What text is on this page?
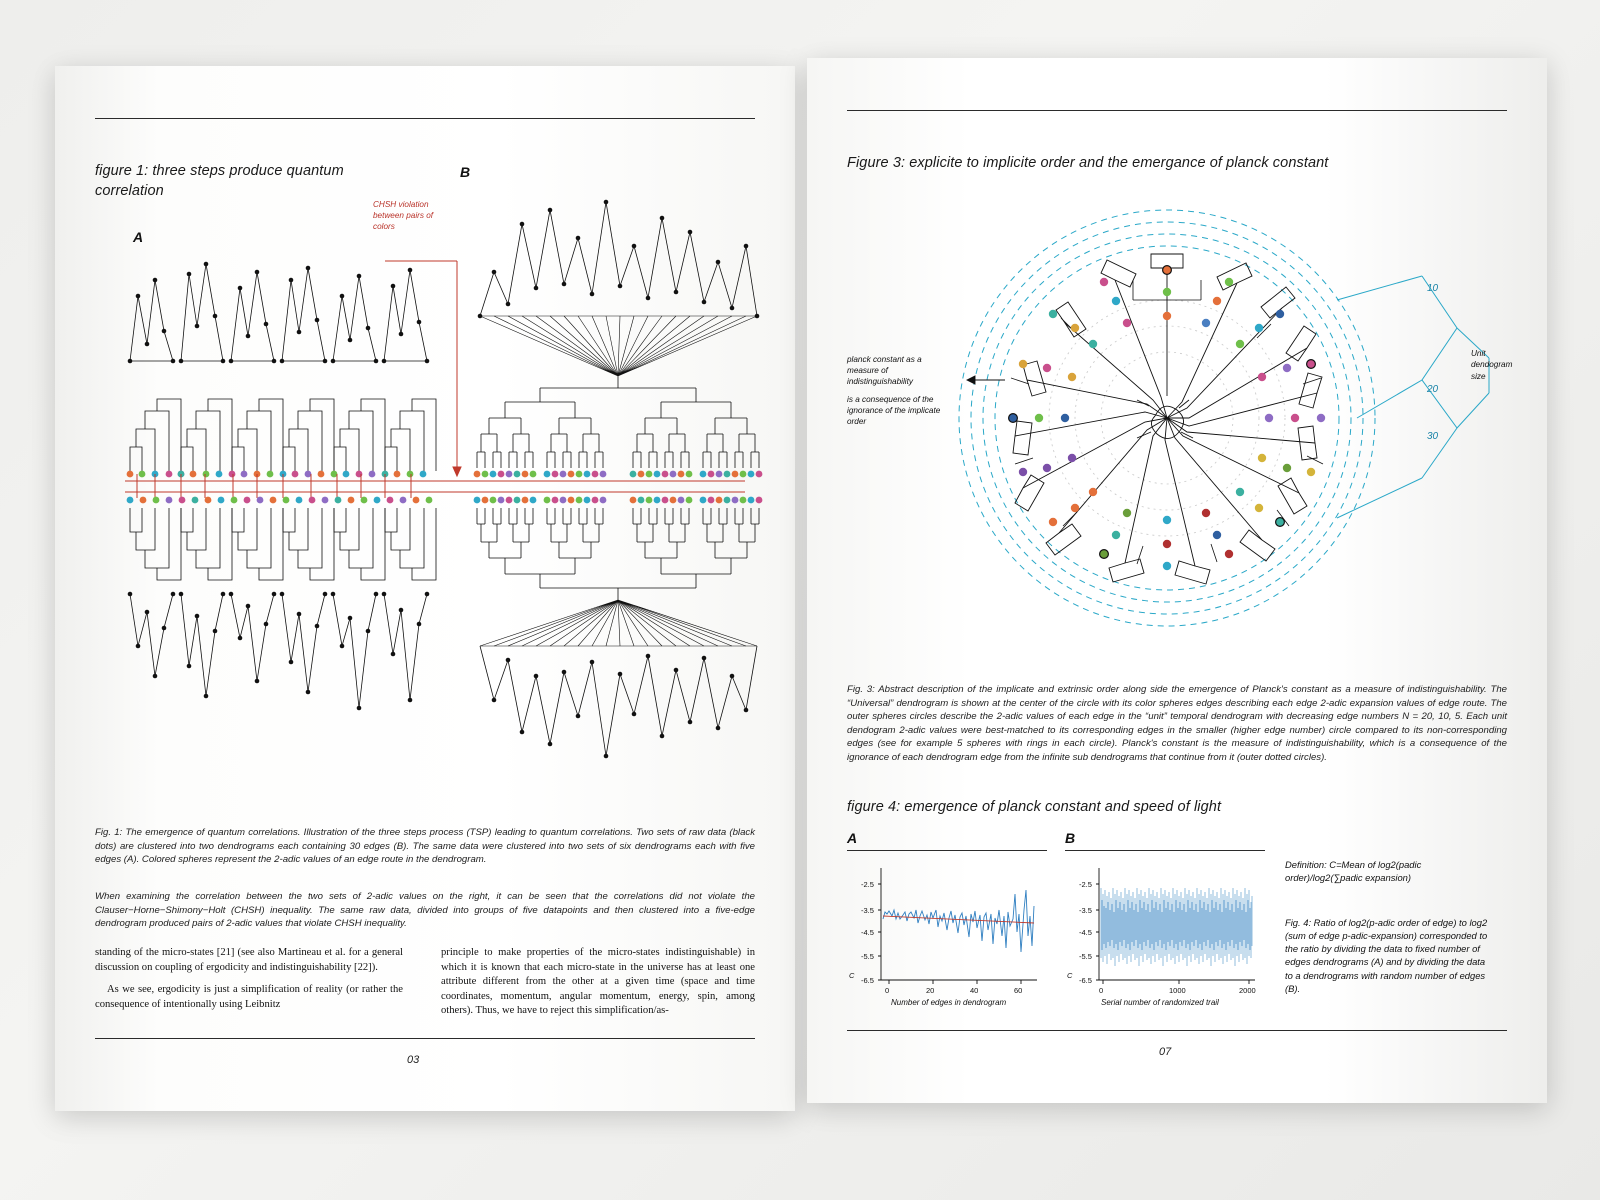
figure 1: three steps produce quantum correlation
A
B
CHSH violation between pairs of colors
Fig. 1: The emergence of quantum correlations. Illustration of the three steps process (TSP) leading to quantum correlations. Two sets of raw data (black dots) are clustered into two dendrograms each containing 30 edges (B). The same data were clustered into two sets of six dendrograms each with five edges (A). Colored spheres represent the 2-adic values of an edge route in the dendrogram.
When examining the correlation between the two sets of 2-adic values on the right, it can be seen that the correlations did not violate the Clauser−Horne−Shimony−Holt (CHSH) inequality. The same raw data, divided into groups of five datapoints and then clustered into a five-edge dendrogram produced pairs of 2-adic values that violate CHSH inequality.

standing of the micro-states [21] (see also Martineau et al. for a general discussion on coupling of ergodicity and indistinguishability [22]).

As we see, ergodicity is just a simplification of reality (or rather the consequence of intentionally using Leibnitz

principle to make properties of the micro-states indistinguishable) in which it is known that each micro-state in the universe has at least one attribute different from the other at a given time (space and time coordinates, momentum, angular momentum, energy, spin, among others). Thus, we have to reject this simplification/as-

03
Figure 3: explicite to implicite order and the emergance of planck constant
planck constant as a measure of indistinguishability
is a consequence of the ignorance of the implicate order
10
20
30
Unit dendogram size
Fig. 3: Abstract description of the implicate and extrinsic order along side the emergence of Planck's constant as a measure of indistinguishability. The “Universal” dendrogram is shown at the center of the circle with its color spheres edges describing each edge 2-adic expansion values of edge route. The outer spheres circles describe the 2-adic values of each edge in the “unit” temporal dendrogram with decreasing edge numbers N = 20, 10, 5. Each unit dendogram 2-adic values were best-matched to its corresponding edges in the smaller (higher edge number) circle compared to its non-corresponding edges (see for example 5 spheres with rings in each circle). Planck's constant is the measure of indistinguishability, which is a consequence of the ignorance of each dendrogram edge from the infinite sub dendrograms that continue from it (outer dotted circles).
figure 4: emergence of planck constant and speed of light
A	B
-2.5
-3.5
-4.5
-5.5
-6.5
0	20	40	60
C
Number of edges in dendrogram
-2.5
-3.5
-4.5
-5.5
-6.5
0	1000	2000
C
Serial number of randomized trail
Definition: C=Mean of log2(padic order)/log2(∑padic expansion)
Fig. 4: Ratio of log2(p-adic order of edge) to log2 (sum of edge p-adic-expansion) corresponded to the ratio by dividing the data to fixed number of edges dendrograms (A) and by dividing the data to a dendrograms with random number of edges (B).
07
